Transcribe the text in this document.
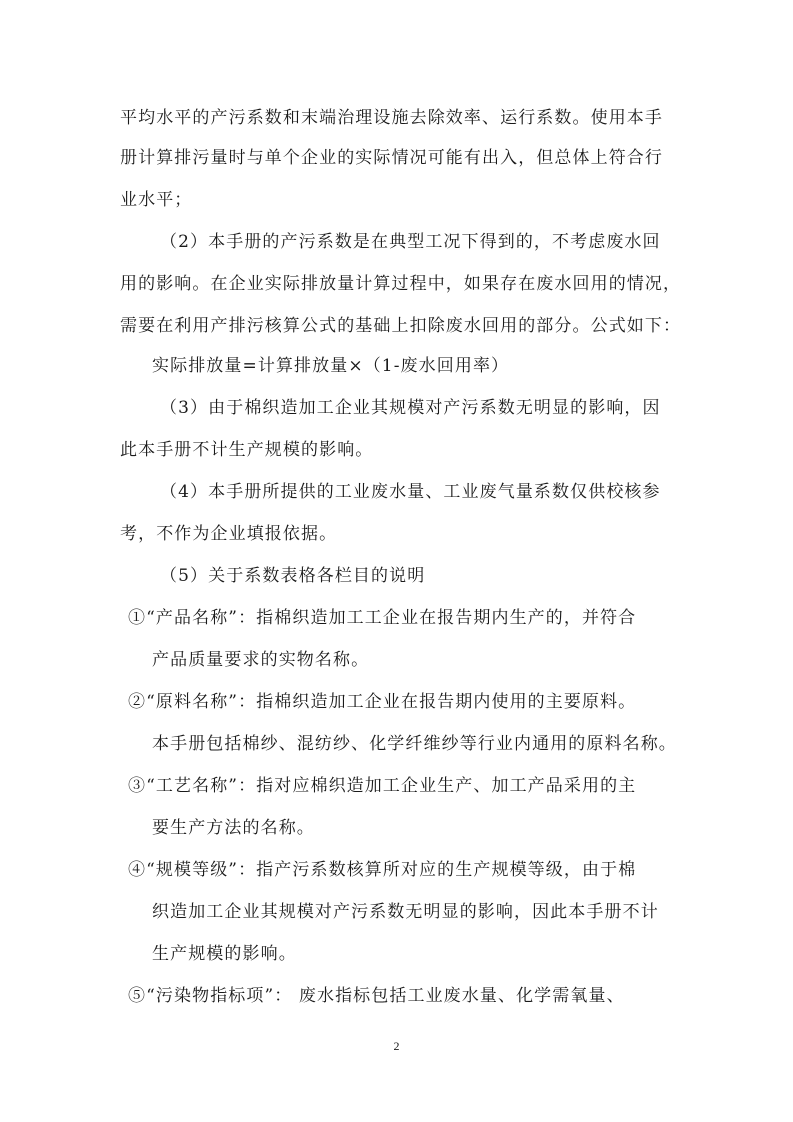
平均水平的产污系数和末端治理设施去除效率、运行系数。使用本手
册计算排污量时与单个企业的实际情况可能有出入，但总体上符合行
业水平；
（2）本手册的产污系数是在典型工况下得到的，不考虑废水回
用的影响。在企业实际排放量计算过程中，如果存在废水回用的情况，
需要在利用产排污核算公式的基础上扣除废水回用的部分。公式如下：
实际排放量=计算排放量×（1-废水回用率）
（3）由于棉织造加工企业其规模对产污系数无明显的影响，因
此本手册不计生产规模的影响。
（4）本手册所提供的工业废水量、工业废气量系数仅供校核参
考，不作为企业填报依据。
（5）关于系数表格各栏目的说明
①“产品名称”：指棉织造加工工企业在报告期内生产的，并符合
产品质量要求的实物名称。
②“原料名称”：指棉织造加工企业在报告期内使用的主要原料。
本手册包括棉纱、混纺纱、化学纤维纱等行业内通用的原料名称。
③“工艺名称”：指对应棉织造加工企业生产、加工产品采用的主
要生产方法的名称。
④“规模等级”：指产污系数核算所对应的生产规模等级，由于棉
织造加工企业其规模对产污系数无明显的影响，因此本手册不计
生产规模的影响。
⑤“污染物指标项”： 废水指标包括工业废水量、化学需氧量、
2
